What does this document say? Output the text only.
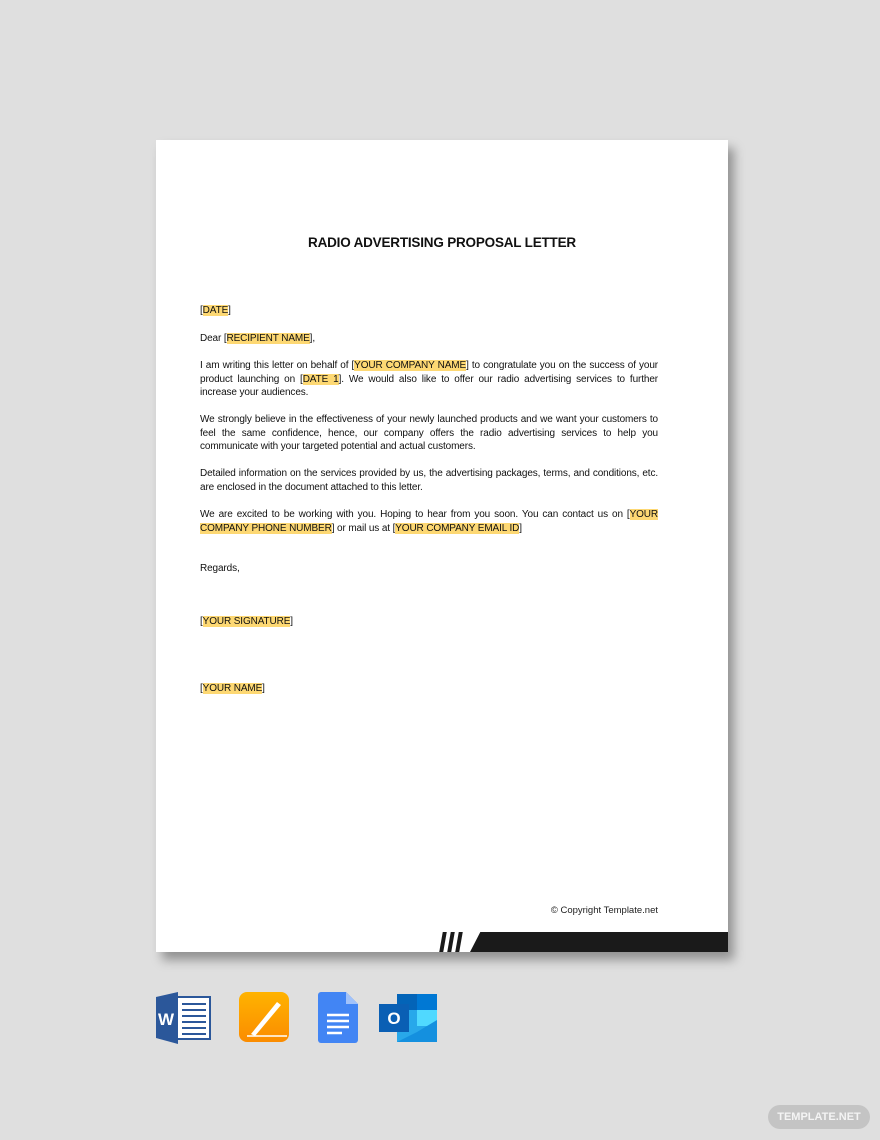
RADIO ADVERTISING PROPOSAL LETTER
[DATE]
Dear [RECIPIENT NAME],
I am writing this letter on behalf of [YOUR COMPANY NAME] to congratulate you on the success of your product launching on [DATE 1]. We would also like to offer our radio advertising services to further increase your audiences.
We strongly believe in the effectiveness of your newly launched products and we want your customers to feel the same confidence, hence, our company offers the radio advertising services to help you communicate with your targeted potential and actual customers.
Detailed information on the services provided by us, the advertising packages, terms, and conditions, etc. are enclosed in the document attached to this letter.
We are excited to be working with you. Hoping to hear from you soon. You can contact us on [YOUR COMPANY PHONE NUMBER] or mail us at [YOUR COMPANY EMAIL ID]
Regards,
[YOUR SIGNATURE]
[YOUR NAME]
© Copyright Template.net
W	O
TEMPLATE.NET
